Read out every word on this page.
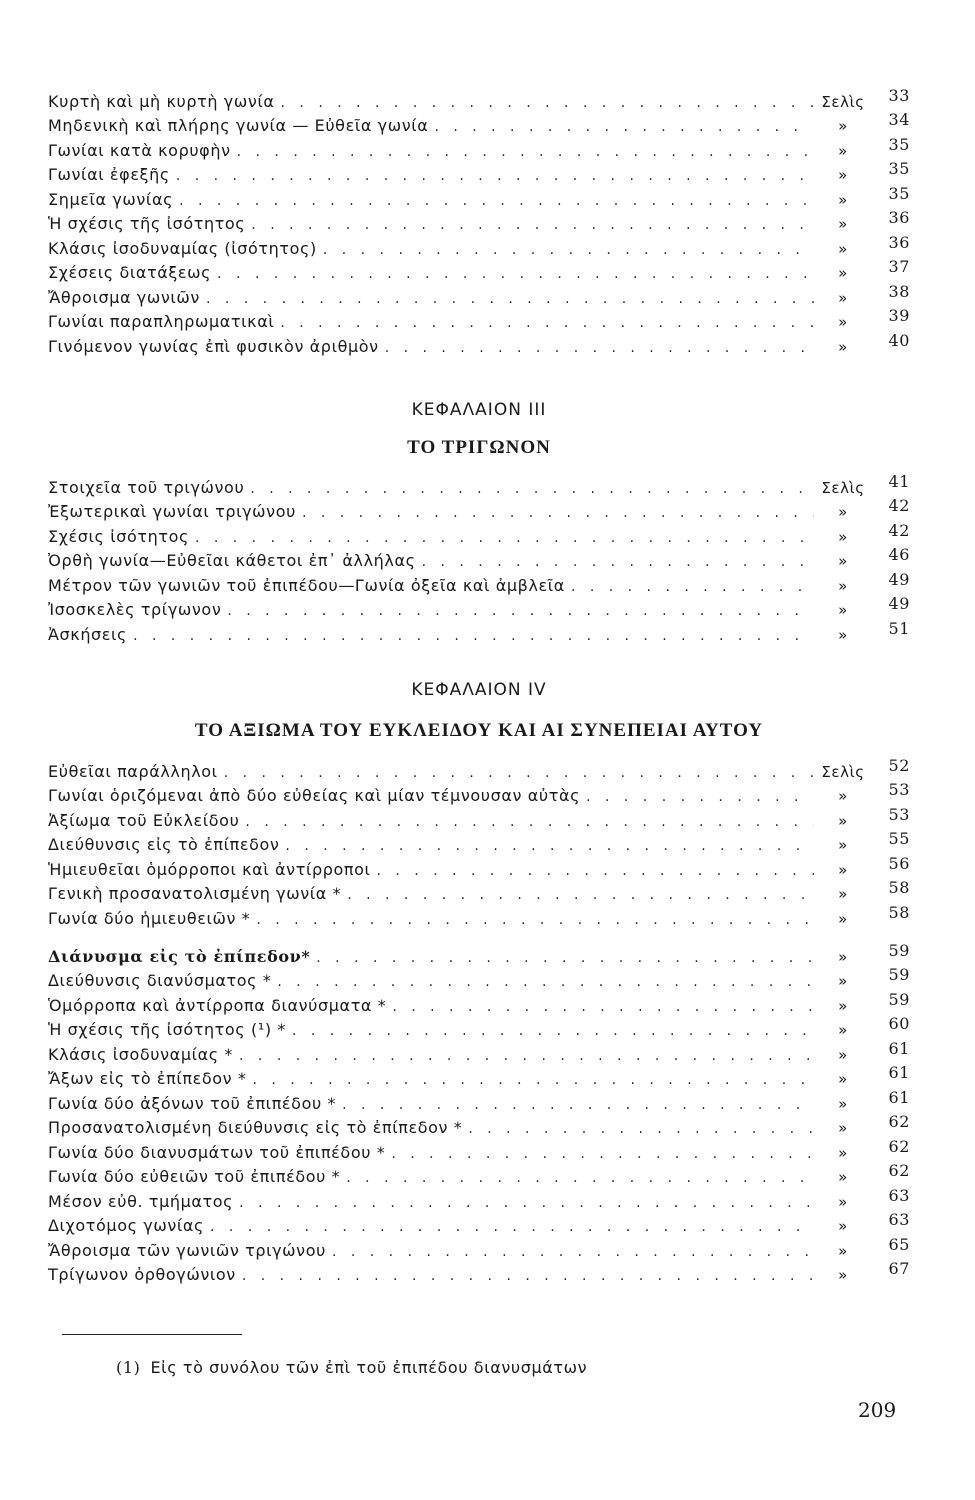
Κυρτὴ καὶ μὴ κυρτὴ γωνία . . .	Σελὶς	33
Μηδενικὴ καὶ πλήρης γωνία — Εὐθεῖα γωνία . . .	»	34
Γωνίαι κατὰ κορυφὴν . . .	»	35
Γωνίαι ἐφεξῆς . . .	»	35
Σημεῖα γωνίας . . .	»	35
Ἡ σχέσις τῆς ἰσότητος . . .	»	36
Κλάσις ἰσοδυναμίας (ἰσότητος) . . .	»	36
Σχέσεις διατάξεως . . .	»	37
Ἄθροισμα γωνιῶν . . .	»	38
Γωνίαι παραπληρωματικαὶ . . .	»	39
Γινόμενον γωνίας ἐπὶ φυσικὸν ἀριθμὸν . . .	»	40
ΚΕΦΑΛΑΙΟΝ III
ΤΟ ΤΡΙΓΩΝΟΝ
Στοιχεῖα τοῦ τριγώνου . . .	Σελὶς	41
Ἐξωτερικαὶ γωνίαι τριγώνου . . .	»	42
Σχέσις ἰσότητος . . .	»	42
Ὀρθὴ γωνία—Εὐθεῖαι κάθετοι ἐπ᾽ ἀλλήλας . . .	»	46
Μέτρον τῶν γωνιῶν τοῦ ἐπιπέδου—Γωνία ὀξεῖα καὶ ἀμβλεῖα . . .	»	49
Ἰσοσκελὲς τρίγωνον . . .	»	49
Ἀσκήσεις . . .	»	51
ΚΕΦΑΛΑΙΟΝ IV
ΤΟ ΑΞΙΩΜΑ ΤΟΥ ΕΥΚΛΕΙΔΟΥ ΚΑΙ ΑΙ ΣΥΝΕΠΕΙΑΙ ΑΥΤΟΥ
Εὐθεῖαι παράλληλοι . . .	Σελὶς	52
Γωνίαι ὁριζόμεναι ἀπὸ δύο εὐθείας καὶ μίαν τέμνουσαν αὐτὰς . . .	»	53
Ἀξίωμα τοῦ Εὐκλείδου . . .	»	53
Διεύθυνσις εἰς τὸ ἐπίπεδον . . .	»	55
Ἡμιευθεῖαι ὁμόρροποι καὶ ἀντίρροποι . . .	»	56
Γενικὴ προσανατολισμένη γωνία * . . .	»	58
Γωνία δύο ἡμιευθειῶν * . . .	»	58
Διάνυσμα εἰς τὸ ἐπίπεδον* . . .	»	59
Διεύθυνσις διανύσματος * . . .	»	59
Ὁμόρροπα καὶ ἀντίρροπα διανύσματα * . . .	»	59
Ἡ σχέσις τῆς ἰσότητος (¹) * . . .	»	60
Κλάσις ἰσοδυναμίας * . . .	»	61
Ἄξων εἰς τὸ ἐπίπεδον * . . .	»	61
Γωνία δύο ἀξόνων τοῦ ἐπιπέδου * . . .	»	61
Προσανατολισμένη διεύθυνσις εἰς τὸ ἐπίπεδον * . . .	»	62
Γωνία δύο διανυσμάτων τοῦ ἐπιπέδου * . . .	»	62
Γωνία δύο εὐθειῶν τοῦ ἐπιπέδου * . . .	»	62
Μέσον εὐθ. τμήματος . . .	»	63
Διχοτόμος γωνίας . . .	»	63
Ἄθροισμα τῶν γωνιῶν τριγώνου . . .	»	65
Τρίγωνον ὀρθογώνιον . . .	»	67
(1) Εἰς τὸ συνόλου τῶν ἐπὶ τοῦ ἐπιπέδου διανυσμάτων
209
